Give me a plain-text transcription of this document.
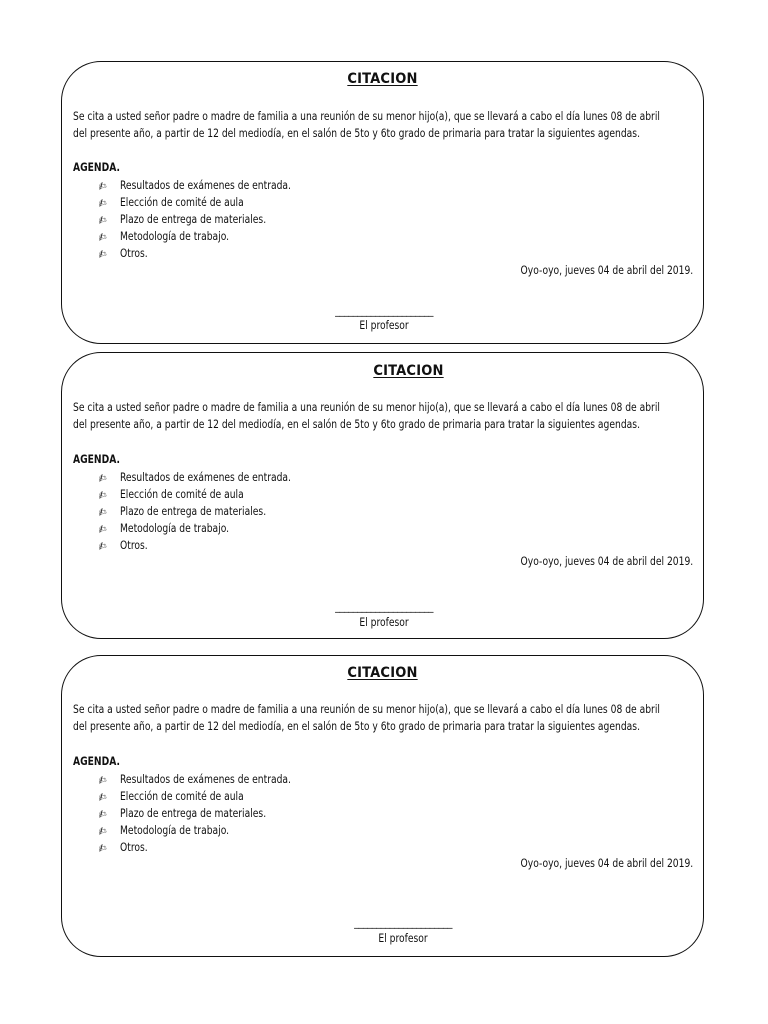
CITACION
Se cita a usted señor padre o madre de familia a una reunión de su menor hijo(a), que se llevará a cabo el día lunes 08 de abril
del presente año, a partir de 12 del mediodía, en el salón de 5to y 6to grado de primaria para tratar la siguientes agendas.
AGENDA.
✍ Resultados de exámenes de entrada.
✍ Elección de comité de aula
✍ Plazo de entrega de materiales.
✍ Metodología de trabajo.
✍ Otros.
Oyo-oyo, jueves 04 de abril del 2019.
______________________
El profesor
CITACION
Se cita a usted señor padre o madre de familia a una reunión de su menor hijo(a), que se llevará a cabo el día lunes 08 de abril
del presente año, a partir de 12 del mediodía, en el salón de 5to y 6to grado de primaria para tratar la siguientes agendas.
AGENDA.
✍ Resultados de exámenes de entrada.
✍ Elección de comité de aula
✍ Plazo de entrega de materiales.
✍ Metodología de trabajo.
✍ Otros.
Oyo-oyo, jueves 04 de abril del 2019.
______________________
El profesor
CITACION
Se cita a usted señor padre o madre de familia a una reunión de su menor hijo(a), que se llevará a cabo el día lunes 08 de abril
del presente año, a partir de 12 del mediodía, en el salón de 5to y 6to grado de primaria para tratar la siguientes agendas.
AGENDA.
✍ Resultados de exámenes de entrada.
✍ Elección de comité de aula
✍ Plazo de entrega de materiales.
✍ Metodología de trabajo.
✍ Otros.
Oyo-oyo, jueves 04 de abril del 2019.
______________________
El profesor
